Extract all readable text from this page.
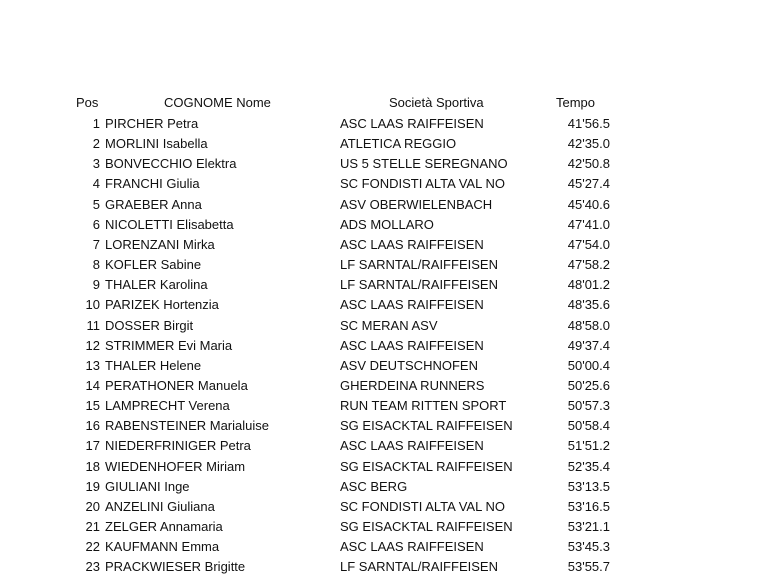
Pos	COGNOME Nome	Società Sportiva	Tempo
1 PIRCHER Petra	ASC LAAS RAIFFEISEN	41'56.5
2 MORLINI Isabella	ATLETICA REGGIO	42'35.0
3 BONVECCHIO Elektra	US 5 STELLE SEREGNANO	42'50.8
4 FRANCHI Giulia	SC FONDISTI ALTA VAL NO	45'27.4
5 GRAEBER Anna	ASV OBERWIELENBACH	45'40.6
6 NICOLETTI Elisabetta	ADS MOLLARO	47'41.0
7 LORENZANI Mirka	ASC LAAS RAIFFEISEN	47'54.0
8 KOFLER Sabine	LF SARNTAL/RAIFFEISEN	47'58.2
9 THALER Karolina	LF SARNTAL/RAIFFEISEN	48'01.2
10 PARIZEK Hortenzia	ASC LAAS RAIFFEISEN	48'35.6
11 DOSSER Birgit	SC MERAN ASV	48'58.0
12 STRIMMER Evi Maria	ASC LAAS RAIFFEISEN	49'37.4
13 THALER Helene	ASV DEUTSCHNOFEN	50'00.4
14 PERATHONER Manuela	GHERDEINA RUNNERS	50'25.6
15 LAMPRECHT Verena	RUN TEAM RITTEN SPORT	50'57.3
16 RABENSTEINER Marialuise	SG EISACKTAL RAIFFEISEN	50'58.4
17 NIEDERFRINIGER Petra	ASC LAAS RAIFFEISEN	51'51.2
18 WIEDENHOFER Miriam	SG EISACKTAL RAIFFEISEN	52'35.4
19 GIULIANI Inge	ASC BERG	53'13.5
20 ANZELINI Giuliana	SC FONDISTI ALTA VAL NO	53'16.5
21 ZELGER Annamaria	SG EISACKTAL RAIFFEISEN	53'21.1
22 KAUFMANN Emma	ASC LAAS RAIFFEISEN	53'45.3
23 PRACKWIESER Brigitte	LF SARNTAL/RAIFFEISEN	53'55.7
